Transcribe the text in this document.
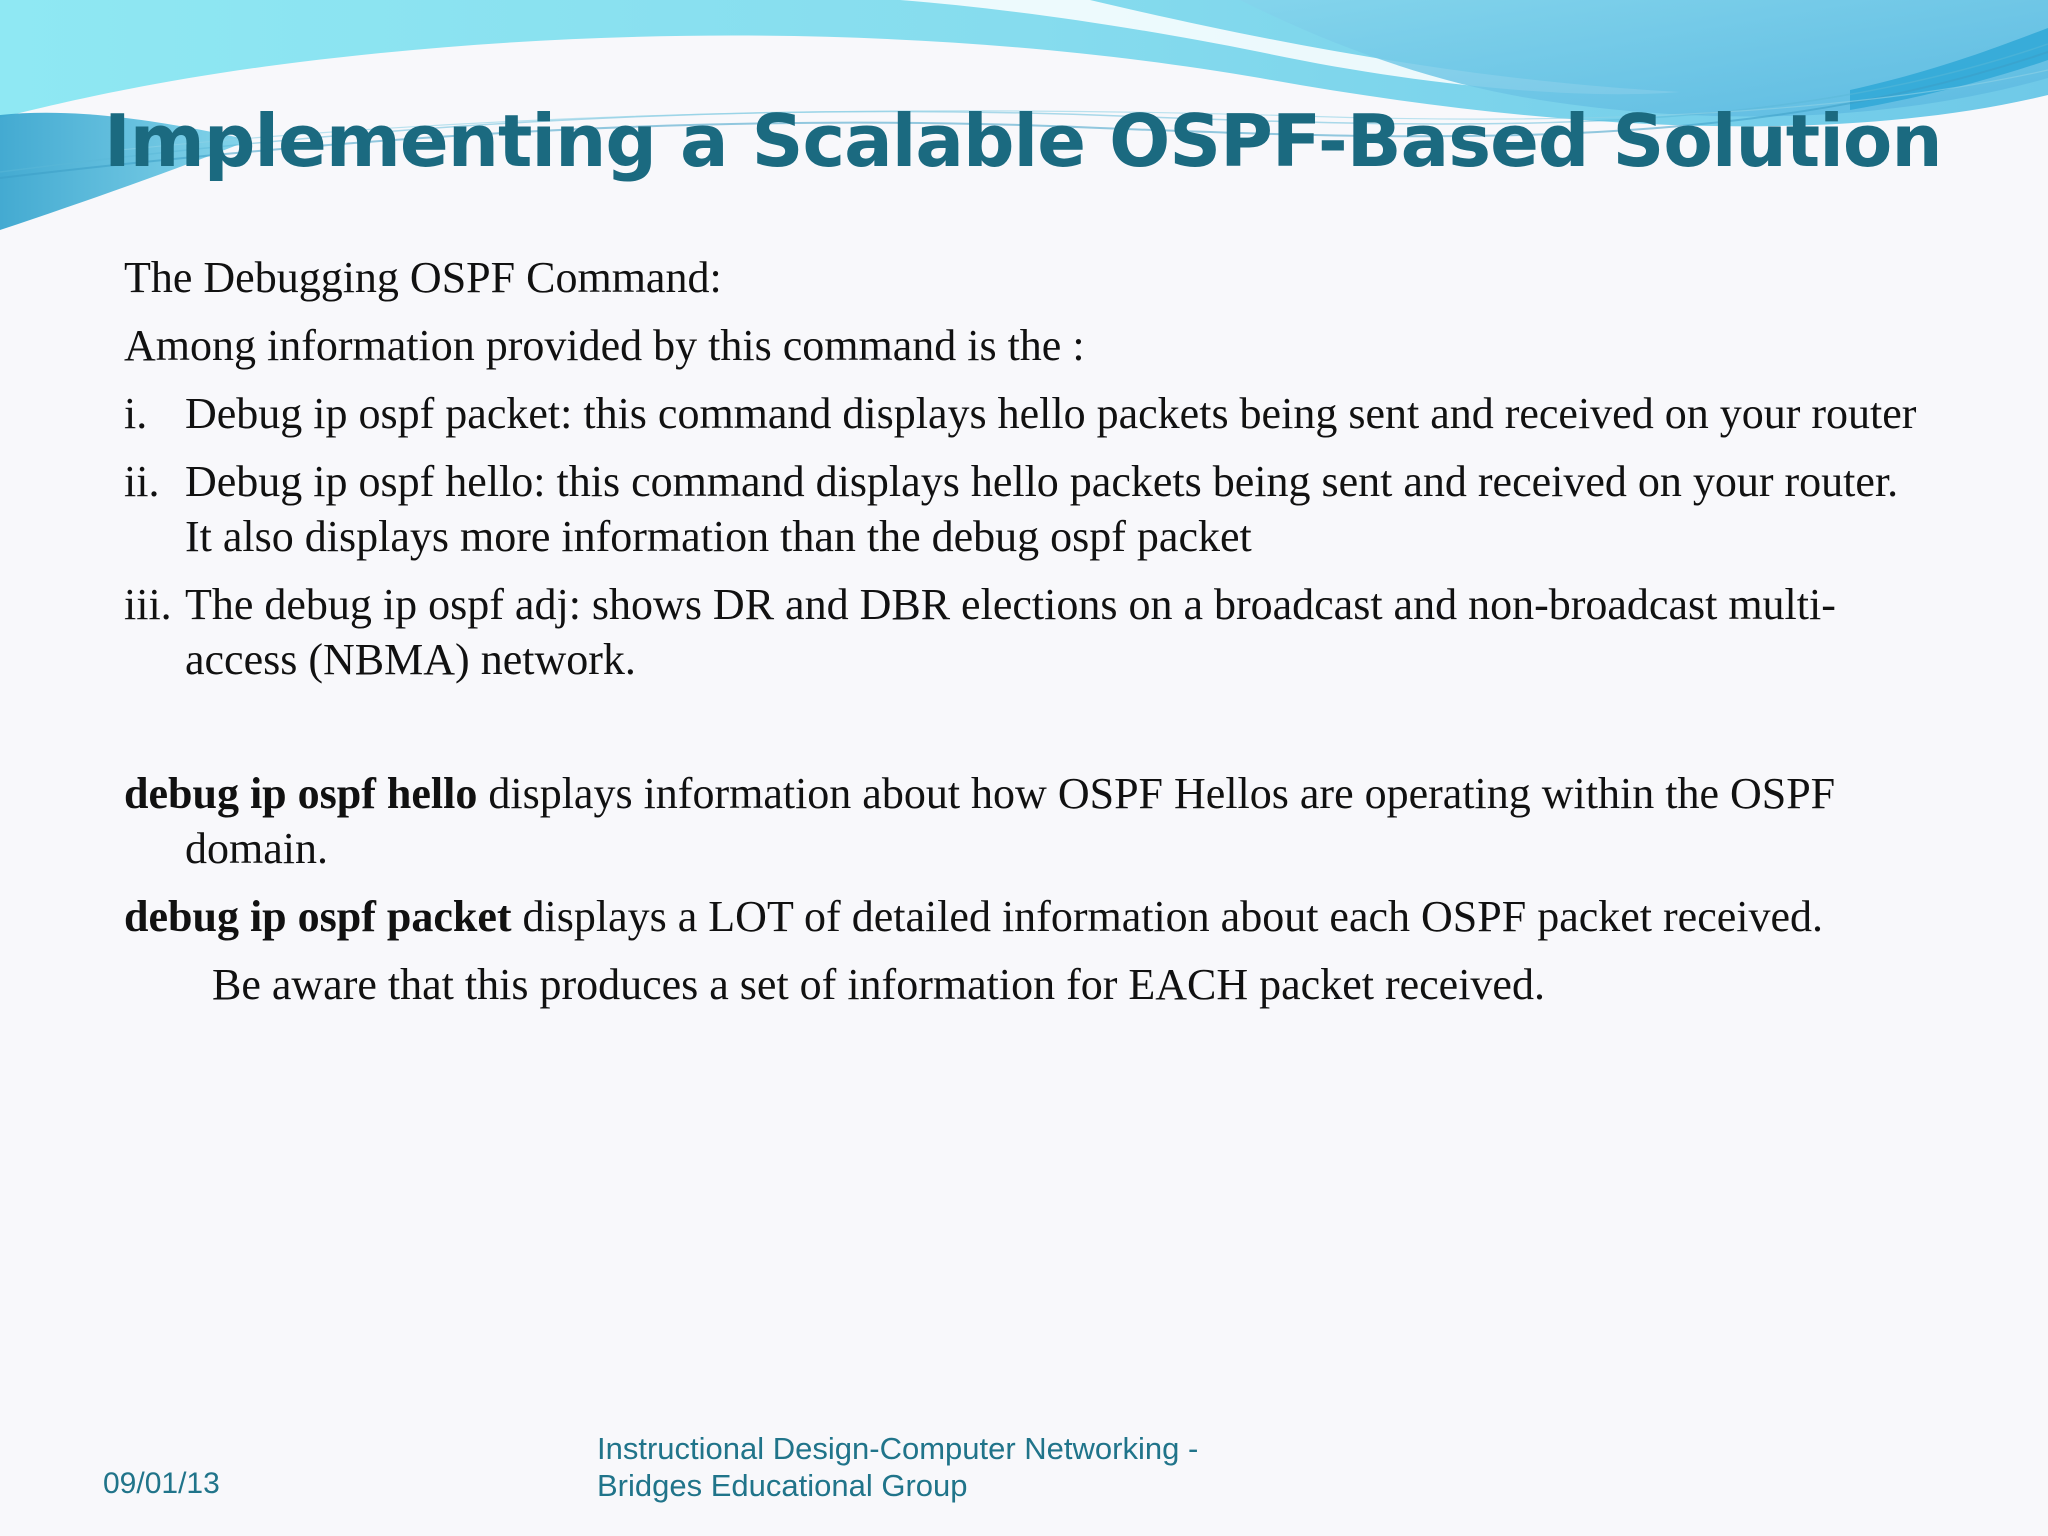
Implementing a Scalable OSPF-Based Solution

The Debugging OSPF Command:

Among information provided by this command is the :

i. Debug ip ospf packet: this command displays hello packets being sent and received on your router
ii. Debug ip ospf hello: this command displays hello packets being sent and received on your router. It also displays more information than the debug ospf packet
iii. The debug ip ospf adj: shows DR and DBR elections on a broadcast and non-broadcast multi-access (NBMA) network.

debug ip ospf hello displays information about how OSPF Hellos are operating within the OSPF domain.

debug ip ospf packet displays a LOT of detailed information about each OSPF packet received.

Be aware that this produces a set of information for EACH packet received.

09/01/13
Instructional Design-Computer Networking -
Bridges Educational Group
